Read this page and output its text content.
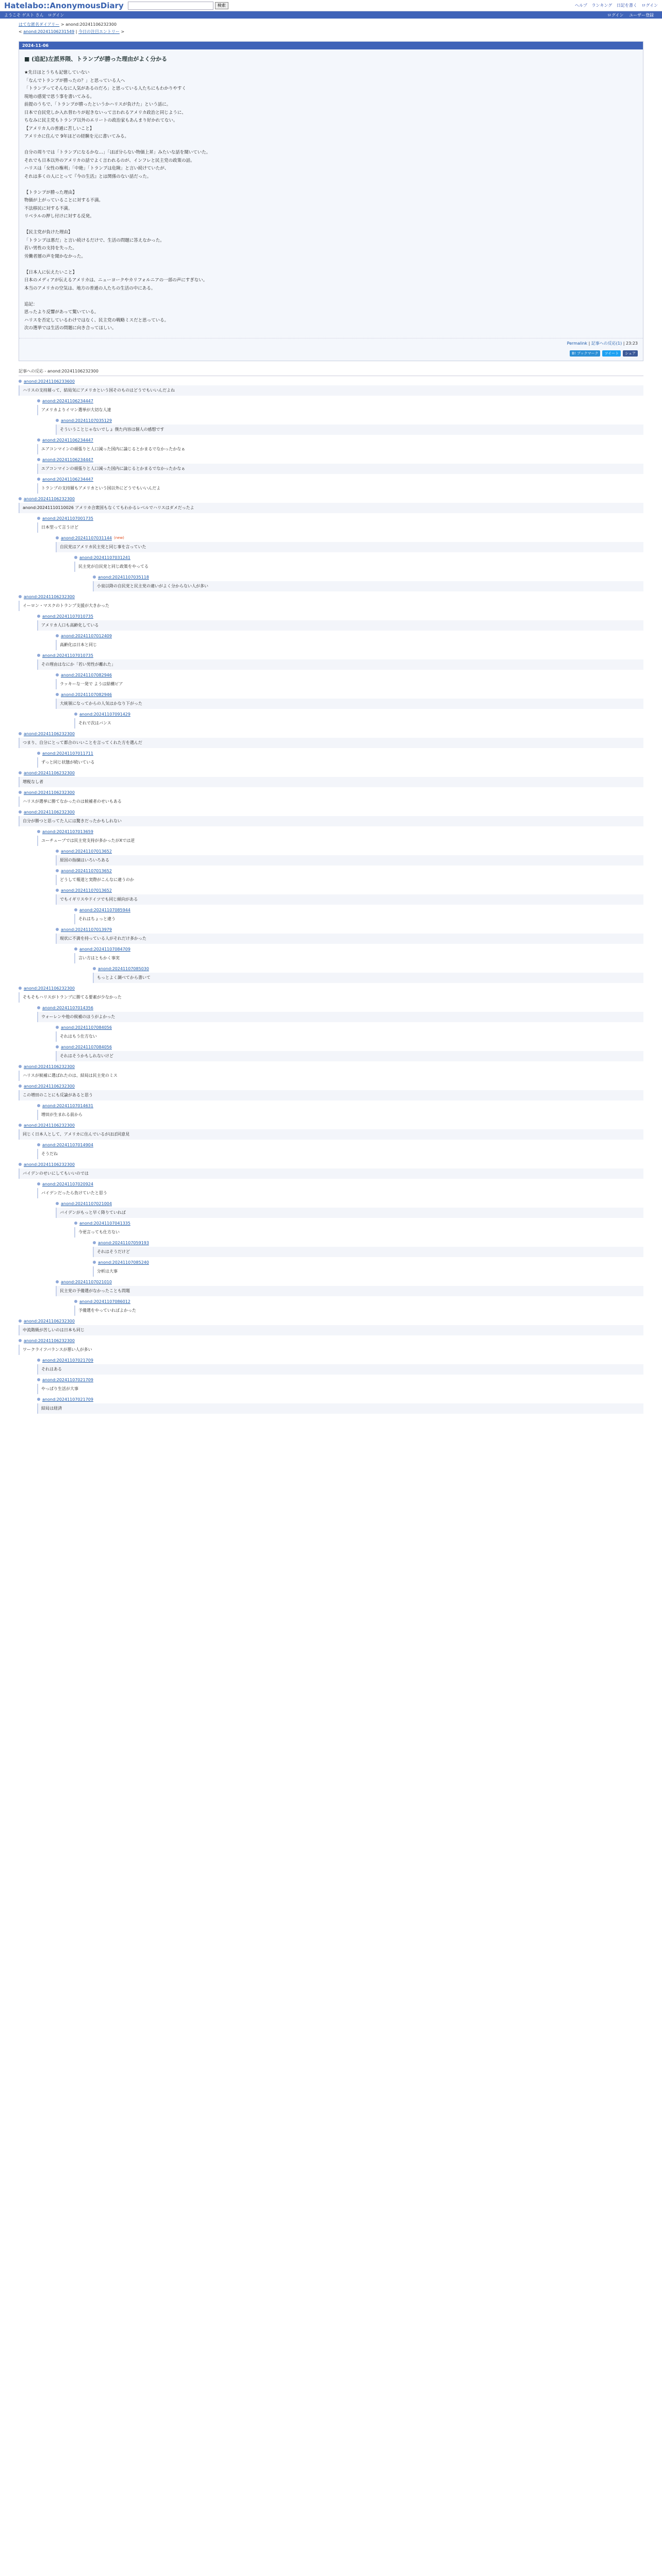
Hatelabo::AnonymousDiary	検索	ヘルプ ランキング 日記を書く ログイン
ようこそ ゲスト さん ログイン	ログイン ユーザー登録
はてな匿名ダイアリー > anond:20241106232300
< anond:20241106231549 | 今日の注目エントリー >
2024-11-06
■ (追記)左派界隈、トランプが勝った理由がよく分かる

★先日ほとうちも記憶していない

「なんでトランプが勝ったの？」と思っている人へ

「トランプってそんなに人気があるのだろ」と思っている人たちにもわかりやすく

現地の感覚で思う事を書いてみる。

前提のうちで、「トランプが勝ったというかハリスが負けた」という話に。

日本で自民党しか入れ替わりが起きないって言われるアメリカ政治と同じように、

ちなみに民主党もトランプ以外のエリートの政治家もあんまり好かれてない。

【アメリカ人の普通に苦しいこと】

アメリカに住んで 9年ほどの経験を元に書いてみる。

自分の周りでは「トランプになるかな…」「ほぼ分らない物価上昇」みたいな話を聞いていた。

それでも日本以外のアメリカの話でよく言われるのが、インフレと民主党の政策の話。

ハリスは「女性の権利」「中絶」「トランプは危険」と言い続けていたが、

それは多くの人にとって『今の生活』とは関係のない話だった。

【トランプが勝った理由】

物価が上がっていることに対する不満。

不法移民に対する不満。

リベラルの押し付けに対する反発。

【民主党が負けた理由】

「トランプは悪だ」と言い続けるだけで、生活の問題に答えなかった。

若い男性の支持を失った。

労働者層の声を聞かなかった。

【日本人に伝えたいこと】

日本のメディアが伝えるアメリカは、ニューヨークやカリフォルニアの一部の声にすぎない。

本当のアメリカの空気は、地方の普通の人たちの生活の中にある。

追記：

思ったより反響があって驚いている。

ハリスを否定しているわけではなく、民主党の戦略ミスだと思っている。

次の選挙では生活の問題に向き合ってほしい。

Permalink | 記事への反応(1) | 23:23
B! ブックマーク	ツイート	シェア
記事への反応 - anond:20241106232300
anond:20241106233600
ハリスの支持層って、結局気にアメリカという国そのものはどうでもいいんだよね
anond:20241106234447
アメリカよりイマン選挙が大切な人達
anond:20241107035129
そういうことじゃないでしょ 僕た内容は個人の感想です
anond:20241106234447
エアコンマインの頑張りと人口減った国内に論じるとかまるでなかったかなぁ
anond:20241106234447
エアコンマインの頑張りと人口減った国内に論じるとかまるでなかったかなぁ
anond:20241106234447
トランプの支持層もアメリカという国以外にどうでもいいんだよ
anond:20241106232300
anond:20241110110026 アメリカ合衆国もなくてもわかるレベルでハリスはダメだったよ
anond:20241107001735
日本型って言うけど
anond:20241107031144 (new)
自民党はアメリカ民主党と同じ事を言っていた
anond:20241107031241
民主党が自民党と同じ政策をやってる
anond:20241107035118
小泉以降の自民党と民主党の違いがよく分からない人が多い
anond:20241106232300
イーロン・マスクのトランプ支援が大きかった
anond:20241107010735
アメリカ人口も高齢化している
anond:20241107012409
高齢化は日本と同じ
anond:20241107010735
その理由はなにか「若い男性が離れた」
anond:20241107082946
ラッキーな一発で ようは結構ピア
anond:20241107082946
大統領になってからの人気はかなり下がった
anond:20241107091429
それで次はバンス
anond:20241106232300
つまり、自分にとって都合のいいことを言ってくれた方を選んだ
anond:20241107011711
ずっと同じ状態が続いている
anond:20241106232300
増税なし者
anond:20241106232300
ハリスが選挙に勝てなかったのは候補者のせいもある
anond:20241106232300
自分が勝つと思ってた人には驚きだったかもしれない
anond:20241107013659
ユーチューブでは民主党支持が多かったがXでは逆
anond:20241107013652
原因の指摘はいろいろある
anond:20241107013652
どうして報道と実際がこんなに違うのか
anond:20241107013652
でもイギリスやドイツでも同じ傾向がある
anond:20241107085944
それはちょっと違う
anond:20241107013979
現状に不満を持っている人がそれだけ多かった
anond:20241107084709
言い方はともかく事実
anond:20241107085030
もっとよく調べてから書いて
anond:20241106232300
そもそもハリスがトランプに勝てる要素が少なかった
anond:20241107014356
ウォーレンや他の候補のほうがよかった
anond:20241107084056
それはもう仕方ない
anond:20241107084056
それはそうかもしれないけど
anond:20241106232300
ハリスが候補に選ばれたのは、結局は民主党のミス
anond:20241106232300
この増田のことにも反論があると思う
anond:20241107014631
増田が生まれる前から
anond:20241106232300
同じく日本人として、アメリカに住んでいるがほぼ同意見
anond:20241107014904
そうだね
anond:20241106232300
バイデンのせいにしてもいいのでは
anond:20241107020924
バイデンだったら負けていたと思う
anond:20241107021004
バイデンがもっと早く降りていれば
anond:20241107041335
今更言っても仕方ない
anond:20241107059193
それはそうだけど
anond:20241107085240
分析は大事
anond:20241107021010
民主党の予備選がなかったことも問題
anond:20241107086012
予備選をやっていればよかった
anond:20241106232300
中流階級が苦しいのは日本も同じ
anond:20241106232300
ワークライフバランスが悪い人が多い
anond:20241107021709
それはある
anond:20241107021709
やっぱり生活が大事
anond:20241107021709
結局は経済
